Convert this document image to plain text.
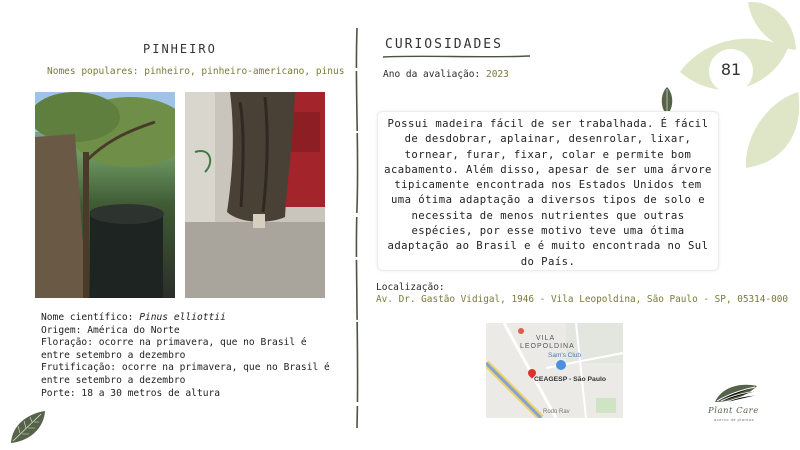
81
PINHEIRO
Nomes populares: pinheiro, pinheiro-americano, pinus
Nome científico: Pinus elliottii
Origem: América do Norte
Floração: ocorre na primavera, que no Brasil é
entre setembro a dezembro
Frutificação: ocorre na primavera, que no Brasil é
entre setembro a dezembro
Porte: 18 a 30 metros de altura
CURIOSIDADES
Ano da avaliação: 2023
Possui madeira fácil de ser trabalhada. É fácil de desdobrar, aplainar, desenrolar, lixar, tornear, furar, fixar, colar e permite bom acabamento. Além disso, apesar de ser uma árvore tipicamente encontrada nos Estados Unidos tem uma ótima adaptação a diversos tipos de solo e necessita de menos nutrientes que outras espécies, por esse motivo teve uma ótima adaptação ao Brasil e é muito encontrada no Sul do País.
Localização:
Av. Dr. Gastão Vidigal, 1946 - Vila Leopoldina, São Paulo - SP, 05314-000
VILA
LEOPOLDINA
Sam's Club
CEAGESP - São Paulo
Rodo Rav	Plant Care
acervo de plantas
